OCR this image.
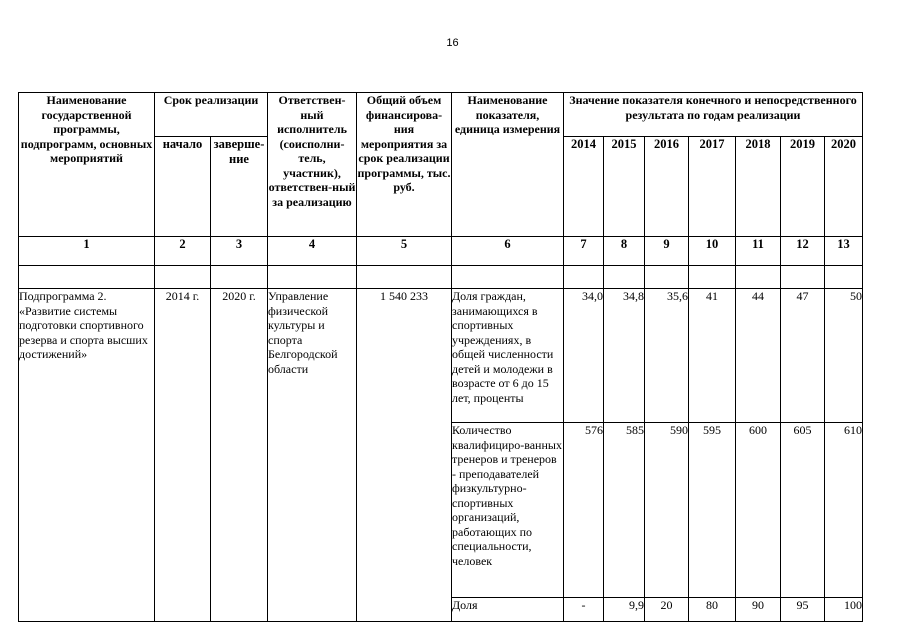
16
Наименование государственной программы, подпрограмм, основных мероприятий	Срок реализации		Ответствен-ный исполнитель (соисполни-тель, участник), ответствен-ный за реализацию	Общий объем финансирова-ния мероприятия за срок реализации программы, тыс. руб.	Наименование показателя, единица измерения	Значение показателя конечного и непосредственного результата по годам реализации						
	начало	заверше-ние				2014	2015	2016	2017	2018	2019	2020
1	2	3	4	5	6	7	8	9	10	11	12	13

Подпрограмма 2. «Развитие системы подготовки спортивного резерва и спорта высших достижений»	2014 г.	2020 г.	Управление физической культуры и спорта Белгородской области	1 540 233	Доля граждан, занимающихся в спортивных учреждениях, в общей численности детей и молодежи в возрасте от 6 до 15 лет, проценты	34,0	34,8	35,6	41	44	47	50
					Количество квалифициро-ванных тренеров и тренеров - преподавателей физкультурно-спортивных организаций, работающих по специальности, человек	576	585	590	595	600	605	610
					Доля	-	9,9	20	80	90	95	100
